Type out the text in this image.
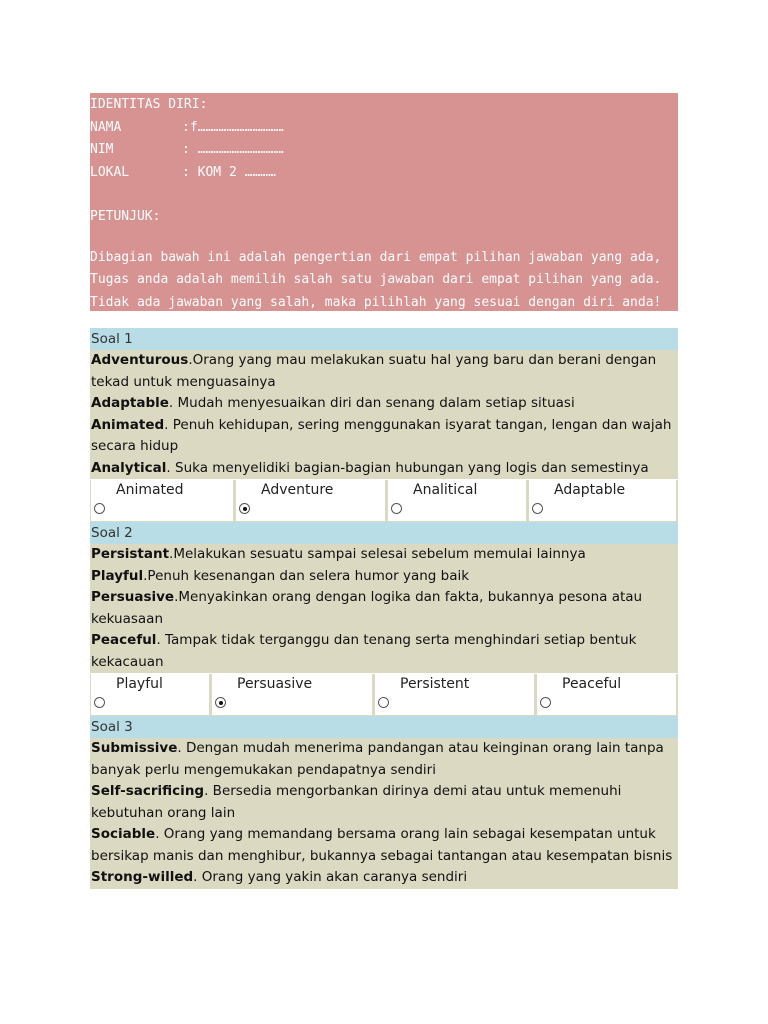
IDENTITAS DIRI:
NAMA	:f……………………………
NIM	: ……………………………
LOKAL	: KOM 2 …………
PETUNJUK:
Dibagian bawah ini adalah pengertian dari empat pilihan jawaban yang ada,
Tugas anda adalah memilih salah satu jawaban dari empat pilihan yang ada.
Tidak ada jawaban yang salah, maka pilihlah yang sesuai dengan diri anda!
Soal 1
Adventurous.Orang yang mau melakukan suatu hal yang baru dan berani dengan tekad untuk menguasainya
Adaptable. Mudah menyesuaikan diri dan senang dalam setiap situasi
Animated. Penuh kehidupan, sering menggunakan isyarat tangan, lengan dan wajah secara hidup
Analytical. Suka menyelidiki bagian-bagian hubungan yang logis dan semestinya
Animated	Adventure	Analitical	Adaptable
Soal 2
Persistant.Melakukan sesuatu sampai selesai sebelum memulai lainnya
Playful.Penuh kesenangan dan selera humor yang baik
Persuasive.Menyakinkan orang dengan logika dan fakta, bukannya pesona atau kekuasaan
Peaceful. Tampak tidak terganggu dan tenang serta menghindari setiap bentuk kekacauan
Playful	Persuasive	Persistent	Peaceful
Soal 3
Submissive. Dengan mudah menerima pandangan atau keinginan orang lain tanpa banyak perlu mengemukakan pendapatnya sendiri
Self-sacrificing. Bersedia mengorbankan dirinya demi atau untuk memenuhi kebutuhan orang lain
Sociable. Orang yang memandang bersama orang lain sebagai kesempatan untuk bersikap manis dan menghibur, bukannya sebagai tantangan atau kesempatan bisnis
Strong-willed. Orang yang yakin akan caranya sendiri
